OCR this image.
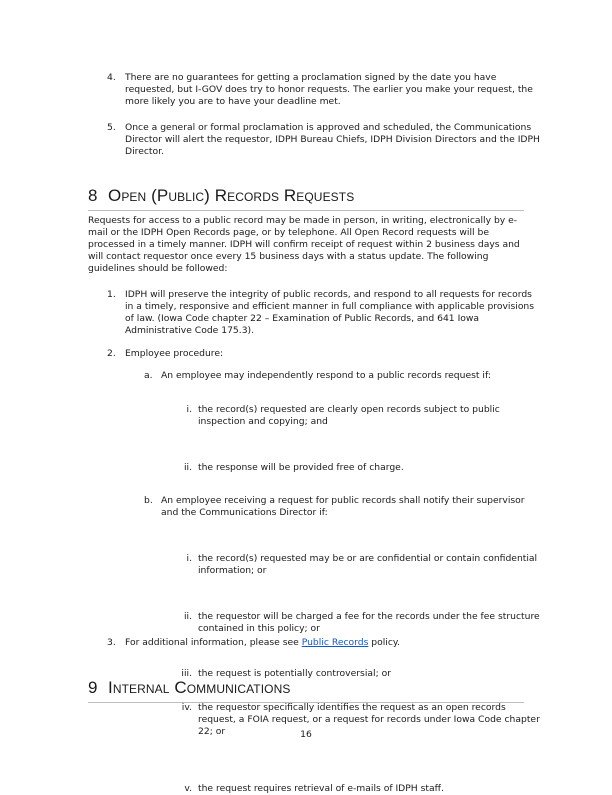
4. There are no guarantees for getting a proclamation signed by the date you have requested, but I-GOV does try to honor requests. The earlier you make your request, the more likely you are to have your deadline met.
5. Once a general or formal proclamation is approved and scheduled, the Communications Director will alert the requestor, IDPH Bureau Chiefs, IDPH Division Directors and the IDPH Director.
8 Open (Public) Records Requests
Requests for access to a public record may be made in person, in writing, electronically by e-mail or the IDPH Open Records page, or by telephone. All Open Record requests will be processed in a timely manner. IDPH will confirm receipt of request within 2 business days and will contact requestor once every 15 business days with a status update. The following guidelines should be followed:
1. IDPH will preserve the integrity of public records, and respond to all requests for records in a timely, responsive and efficient manner in full compliance with applicable provisions of law. (Iowa Code chapter 22 – Examination of Public Records, and 641 Iowa Administrative Code 175.3).
2. Employee procedure:
a. An employee may independently respond to a public records request if:
i. the record(s) requested are clearly open records subject to public inspection and copying; and
ii. the response will be provided free of charge.
b. An employee receiving a request for public records shall notify their supervisor and the Communications Director if:
i. the record(s) requested may be or are confidential or contain confidential information; or
ii. the requestor will be charged a fee for the records under the fee structure contained in this policy; or
iii. the request is potentially controversial; or
iv. the requestor specifically identifies the request as an open records request, a FOIA request, or a request for records under Iowa Code chapter 22; or
v. the request requires retrieval of e-mails of IDPH staff.
3. For additional information, please see Public Records policy.
9 Internal Communications
16
